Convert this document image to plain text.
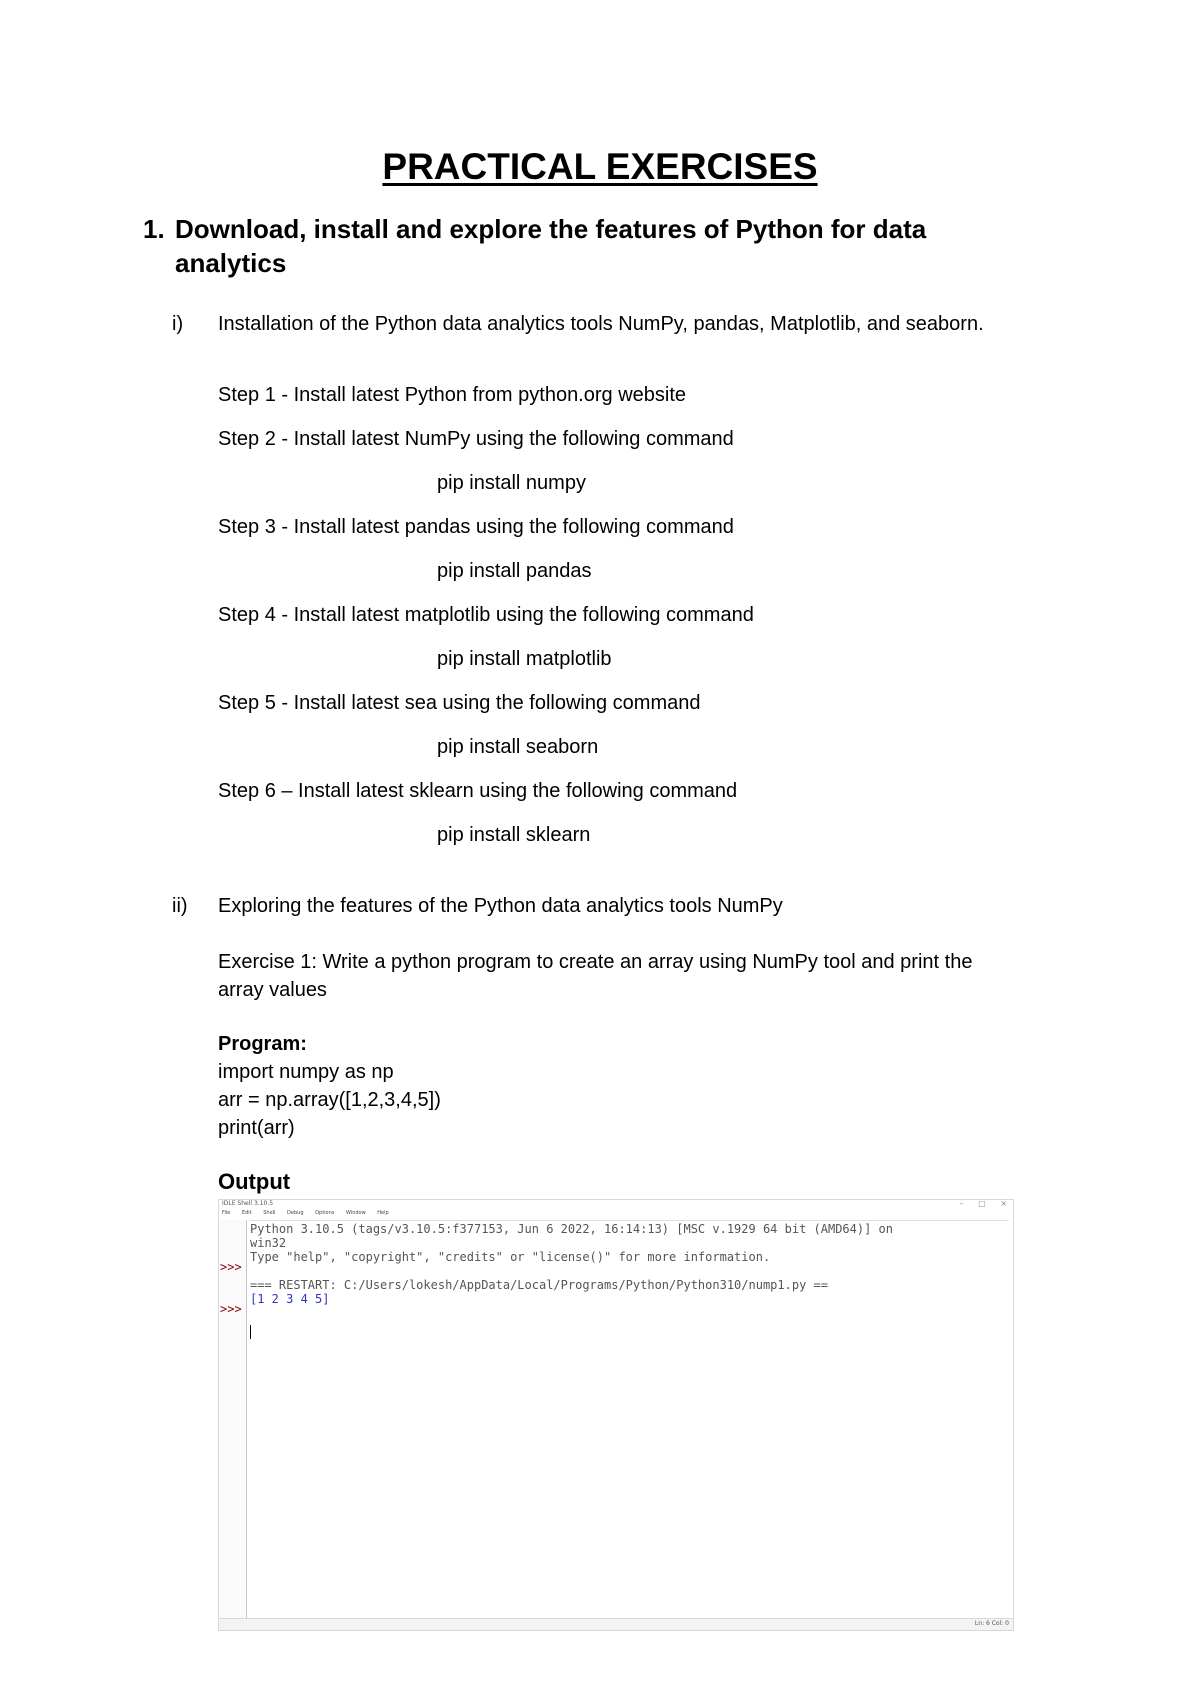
PRACTICAL EXERCISES
1. Download, install and explore the features of Python for data
analytics
i) Installation of the Python data analytics tools NumPy, pandas, Matplotlib, and seaborn.
Step 1 - Install latest Python from python.org website
Step 2 - Install latest NumPy using the following command
pip install numpy
Step 3 - Install latest pandas using the following command
pip install pandas
Step 4 - Install latest matplotlib using the following command
pip install matplotlib
Step 5 - Install latest sea using the following command
pip install seaborn
Step 6 – Install latest sklearn using the following command
pip install sklearn
ii) Exploring the features of the Python data analytics tools NumPy
Exercise 1: Write a python program to create an array using NumPy tool and print the
array values
Program:
import numpy as np
arr = np.array([1,2,3,4,5])
print(arr)
Output
IDLE Shell 3.10.5	– ▢ ×
File Edit Shell Debug Options Window Help
>>>
>>>
Python 3.10.5 (tags/v3.10.5:f377153, Jun 6 2022, 16:14:13) [MSC v.1929 64 bit (AMD64)] on
win32
Type "help", "copyright", "credits" or "license()" for more information.
=== RESTART: C:/Users/lokesh/AppData/Local/Programs/Python/Python310/nump1.py ==
[1 2 3 4 5]
Ln: 6 Col: 0
